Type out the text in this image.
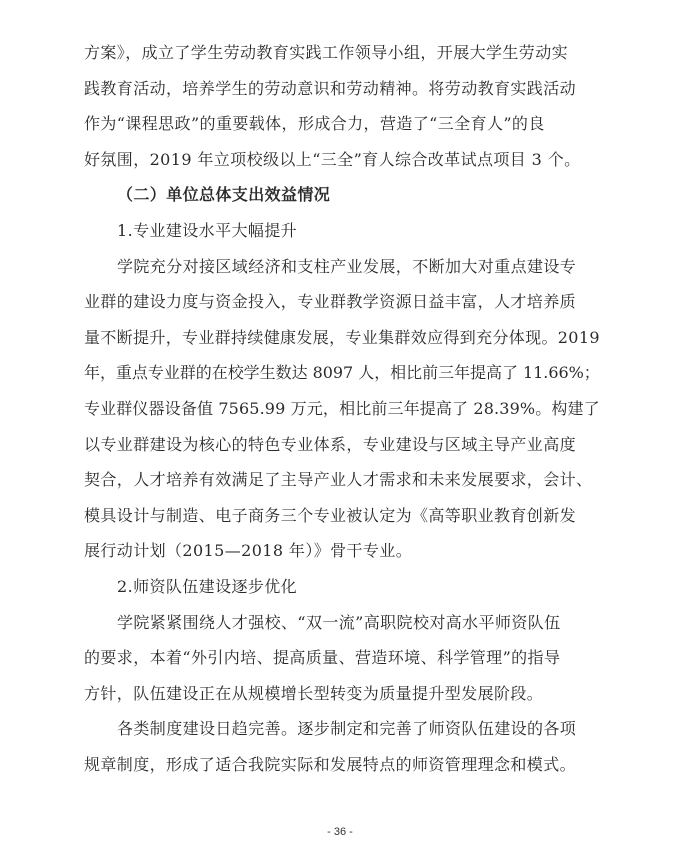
方案》，成立了学生劳动教育实践工作领导小组，开展大学生劳动实
践教育活动，培养学生的劳动意识和劳动精神。将劳动教育实践活动
作为“课程思政”的重要载体，形成合力，营造了“三全育人”的良
好氛围，2019 年立项校级以上“三全”育人综合改革试点项目 3 个。
（二）单位总体支出效益情况
1.专业建设水平大幅提升
学院充分对接区域经济和支柱产业发展，不断加大对重点建设专
业群的建设力度与资金投入，专业群教学资源日益丰富，人才培养质
量不断提升，专业群持续健康发展，专业集群效应得到充分体现。2019
年，重点专业群的在校学生数达 8097 人，相比前三年提高了 11.66%；
专业群仪器设备值 7565.99 万元，相比前三年提高了 28.39%。构建了
以专业群建设为核心的特色专业体系，专业建设与区域主导产业高度
契合，人才培养有效满足了主导产业人才需求和未来发展要求，会计、
模具设计与制造、电子商务三个专业被认定为《高等职业教育创新发
展行动计划（2015—2018 年）》骨干专业。
2.师资队伍建设逐步优化
学院紧紧围绕人才强校、“双一流”高职院校对高水平师资队伍
的要求，本着“外引内培、提高质量、营造环境、科学管理”的指导
方针，队伍建设正在从规模增长型转变为质量提升型发展阶段。
各类制度建设日趋完善。逐步制定和完善了师资队伍建设的各项
规章制度，形成了适合我院实际和发展特点的师资管理理念和模式。
- 36 -
